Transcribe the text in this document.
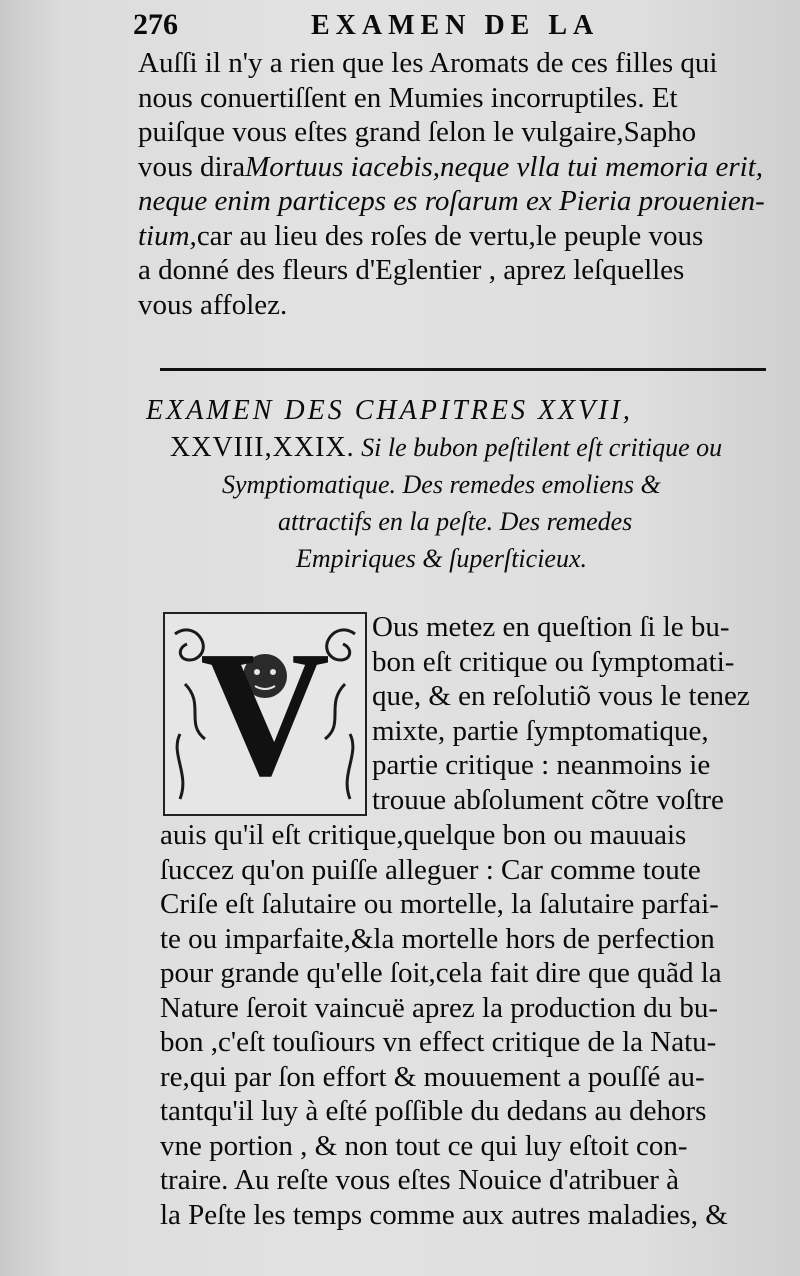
276	EXAMEN DE LA

Auſſi il n'y a rien que les Aromats de ces filles qui
nous conuertiſſent en Mumies incorruptiles. Et
puiſque vous eſtes grand ſelon le vulgaire,Sapho
vous diraMortuus iacebis,neque vlla tui memoria erit,
neque enim particeps es roſarum ex Pieria prouenien-
tium,car au lieu des roſes de vertu,le peuple vous
a donné des fleurs d'Eglentier , aprez leſquelles
vous affolez.

EXAMEN DES CHAPITRES XXVII,
XXVIII,XXIX. Si le bubon peſtilent eſt critique ou
Symptiomatique. Des remedes emoliens &
attractifs en la peſte. Des remedes
Empiriques & ſuperſticieux.
V	Ous metez en queſtion ſi le bu-
bon eſt critique ou ſymptomati-
que, & en reſolutiõ vous le tenez
mixte, partie ſymptomatique,
partie critique : neanmoins ie
trouue abſolument cõtre voſtre

auis qu'il eſt critique,quelque bon ou mauuais
ſuccez qu'on puiſſe alleguer : Car comme toute
Criſe eſt ſalutaire ou mortelle, la ſalutaire parfai-
te ou imparfaite,&la mortelle hors de perfection
pour grande qu'elle ſoit,cela fait dire que quãd la
Nature ſeroit vaincuë aprez la production du bu-
bon ,c'eſt touſiours vn effect critique de la Natu-
re,qui par ſon effort & mouuement a pouſſé au-
tantqu'il luy à eſté poſſible du dedans au dehors
vne portion , & non tout ce qui luy eſtoit con-
traire. Au reſte vous eſtes Nouice d'atribuer à
la Peſte les temps comme aux autres maladies, &
